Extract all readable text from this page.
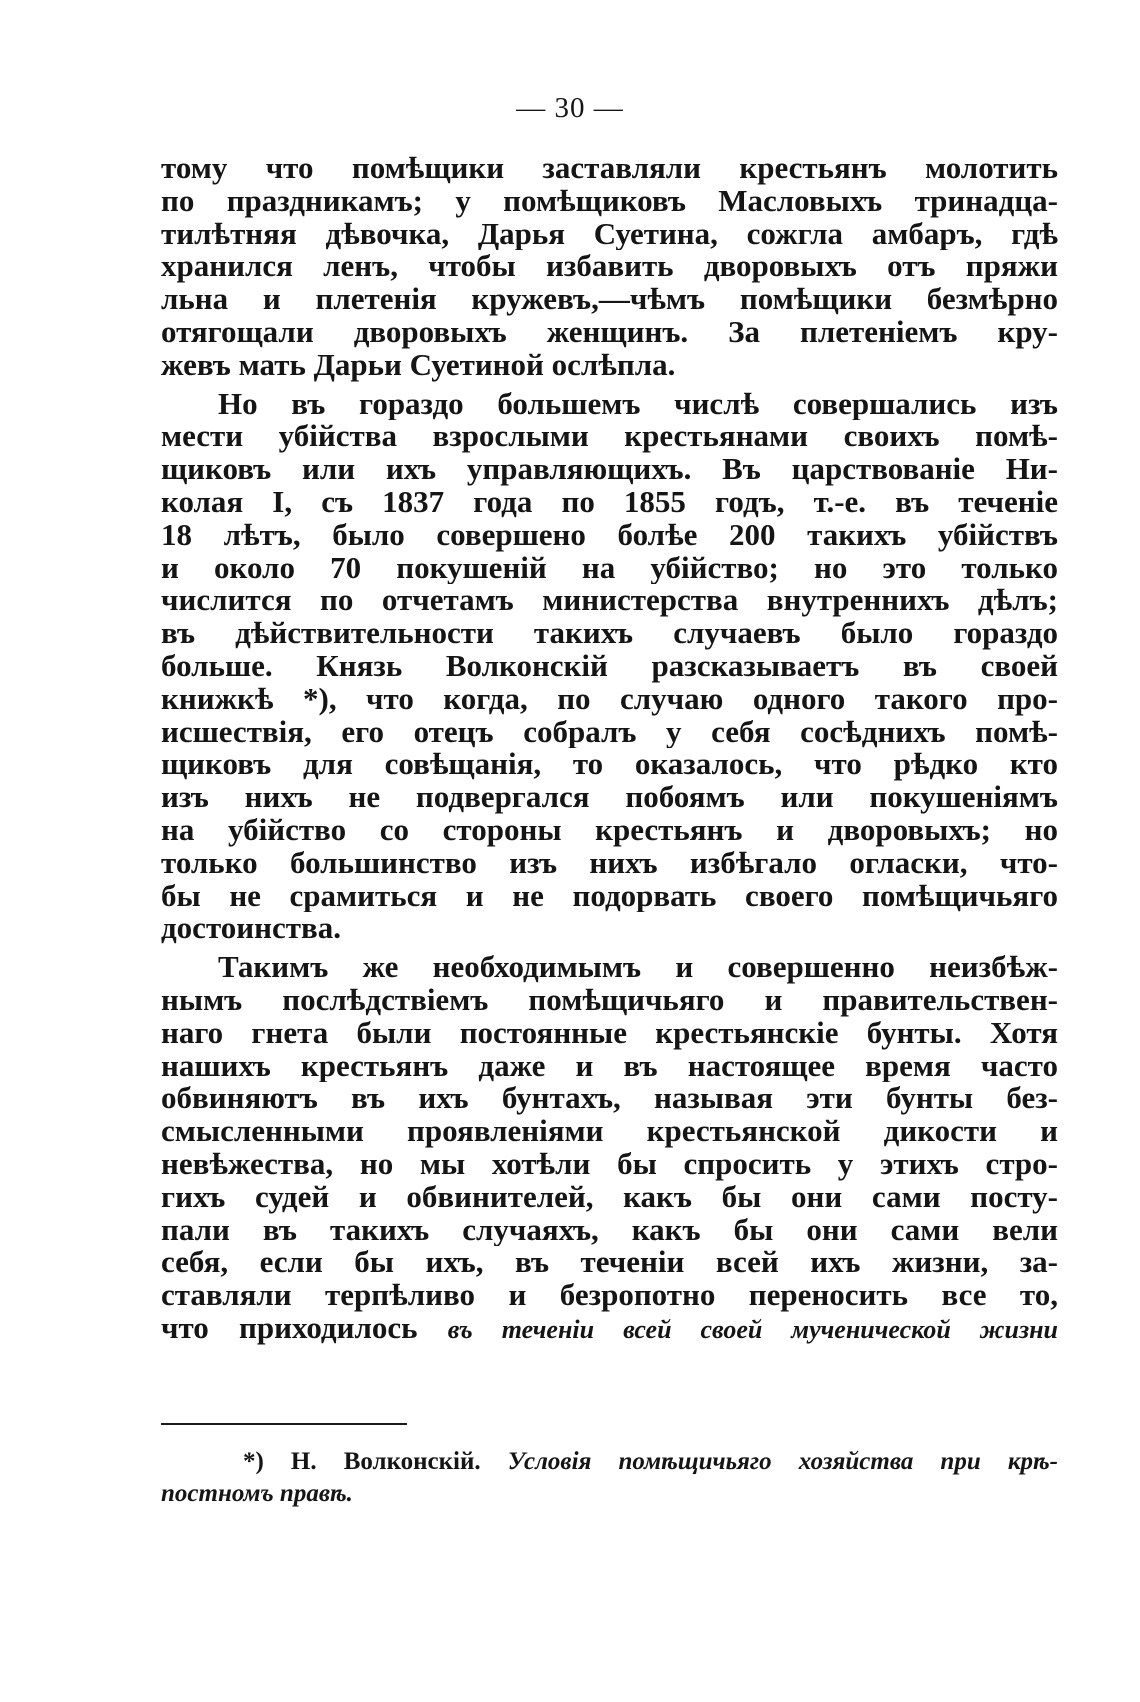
— 30 —
тому что помѣщики заставляли крестьянъ молотить
по праздникамъ; у помѣщиковъ Масловыхъ тринадца-
тилѣтняя дѣвочка, Дарья Суетина, сожгла амбаръ, гдѣ
хранился ленъ, чтобы избавить дворовыхъ отъ пряжи
льна и плетенія кружевъ,—чѣмъ помѣщики безмѣрно
отягощали дворовыхъ женщинъ. За плетеніемъ кру-
жевъ мать Дарьи Суетиной ослѣпла.
Но въ гораздо большемъ числѣ совершались изъ
мести убійства взрослыми крестьянами своихъ помѣ-
щиковъ или ихъ управляющихъ. Въ царствованіе Ни-
колая I, съ 1837 года по 1855 годъ, т.-е. въ теченіе
18 лѣтъ, было совершено болѣе 200 такихъ убійствъ
и около 70 покушеній на убійство; но это только
числится по отчетамъ министерства внутреннихъ дѣлъ;
въ дѣйствительности такихъ случаевъ было гораздо
больше. Князь Волконскій разсказываетъ въ своей
книжкѣ *), что когда, по случаю одного такого про-
исшествія, его отецъ собралъ у себя сосѣднихъ помѣ-
щиковъ для совѣщанія, то оказалось, что рѣдко кто
изъ нихъ не подвергался побоямъ или покушеніямъ
на убійство со стороны крестьянъ и дворовыхъ; но
только большинство изъ нихъ избѣгало огласки, что-
бы не срамиться и не подорвать своего помѣщичьяго
достоинства.
Такимъ же необходимымъ и совершенно неизбѣж-
нымъ послѣдствіемъ помѣщичьяго и правительствен-
наго гнета были постоянные крестьянскіе бунты. Хотя
нашихъ крестьянъ даже и въ настоящее время часто
обвиняютъ въ ихъ бунтахъ, называя эти бунты без-
смысленными проявленіями крестьянской дикости и
невѣжества, но мы хотѣли бы спросить у этихъ стро-
гихъ судей и обвинителей, какъ бы они сами посту-
пали въ такихъ случаяхъ, какъ бы они сами вели
себя, если бы ихъ, въ теченіи всей ихъ жизни, за-
ставляли терпѣливо и безропотно переносить все то,
что приходилось въ теченіи всей своей мученической жизни
*) Н. Волконскій. Условія помѣщичьяго хозяйства при крѣ-
постномъ правѣ.
